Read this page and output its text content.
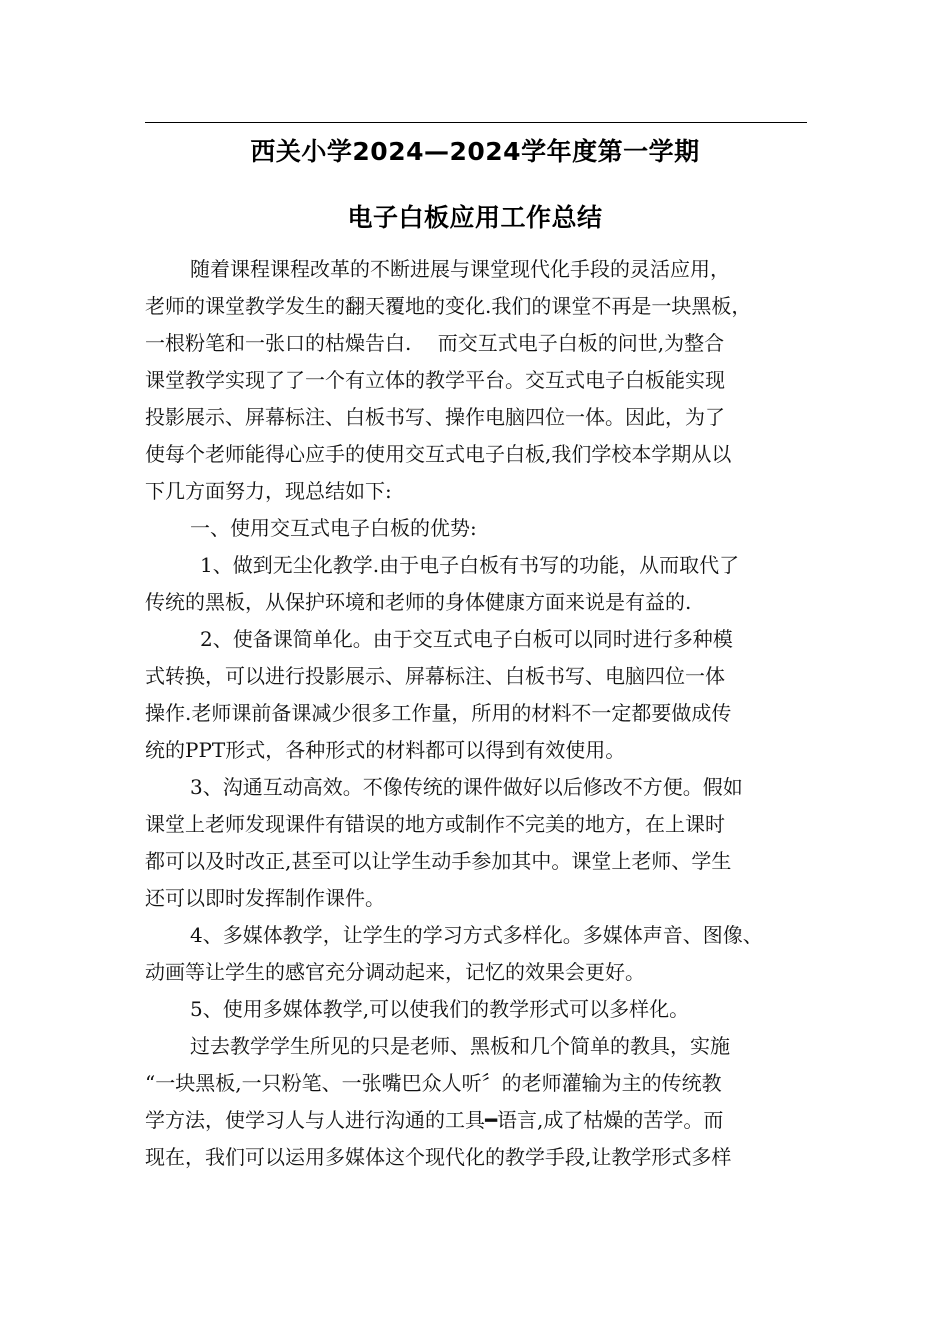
西关小学2024—2024学年度第一学期
电子白板应用工作总结
随着课程课程改革的不断进展与课堂现代化手段的灵活应用，
老师的课堂教学发生的翻天覆地的变化.我们的课堂不再是一块黑板，
一根粉笔和一张口的枯燥告白.　 而交互式电子白板的问世,为整合
课堂教学实现了了一个有立体的教学平台。交互式电子白板能实现
投影展示、屏幕标注、白板书写、操作电脑四位一体。因此，为了
使每个老师能得心应手的使用交互式电子白板,我们学校本学期从以
下几方面努力，现总结如下:
一、使用交互式电子白板的优势:
1、做到无尘化教学.由于电子白板有书写的功能，从而取代了
传统的黑板，从保护环境和老师的身体健康方面来说是有益的.
2、使备课简单化。由于交互式电子白板可以同时进行多种模
式转换，可以进行投影展示、屏幕标注、白板书写、电脑四位一体
操作.老师课前备课减少很多工作量，所用的材料不一定都要做成传
统的PPT形式，各种形式的材料都可以得到有效使用。
3、沟通互动高效。不像传统的课件做好以后修改不方便。假如
课堂上老师发现课件有错误的地方或制作不完美的地方，在上课时
都可以及时改正,甚至可以让学生动手参加其中。课堂上老师、学生
还可以即时发挥制作课件。
4、多媒体教学，让学生的学习方式多样化。多媒体声音、图像、
动画等让学生的感官充分调动起来，记忆的效果会更好。
5、使用多媒体教学,可以使我们的教学形式可以多样化。
过去教学学生所见的只是老师、黑板和几个简单的教具，实施
“一块黑板,一只粉笔、一张嘴巴众人听〞的老师灌输为主的传统教
学方法，使学习人与人进行沟通的工具━语言,成了枯燥的苦学。而
现在，我们可以运用多媒体这个现代化的教学手段,让教学形式多样
